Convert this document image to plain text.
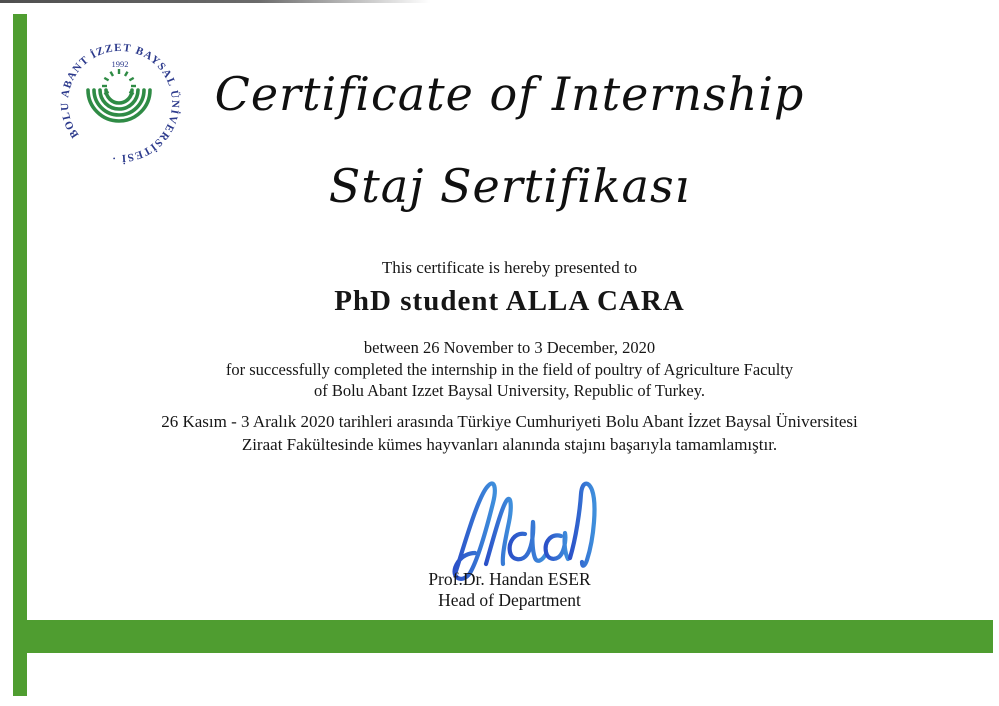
BOLU ABANT İZZET BAYSAL ÜNİVERSİTESİ ·
1992
Certificate of Internship
Staj Sertifikası
This certificate is hereby presented to
PhD student ALLA CARA
between 26 November to 3 December, 2020
for successfully completed the internship in the field of poultry of Agriculture Faculty
of Bolu Abant Izzet Baysal University, Republic of Turkey.
26 Kasım - 3 Aralık 2020 tarihleri arasında Türkiye Cumhuriyeti Bolu Abant İzzet Baysal Üniversitesi
Ziraat Fakültesinde kümes hayvanları alanında stajını başarıyla tamamlamıştır.
Prof.Dr. Handan ESER
Head of Department
